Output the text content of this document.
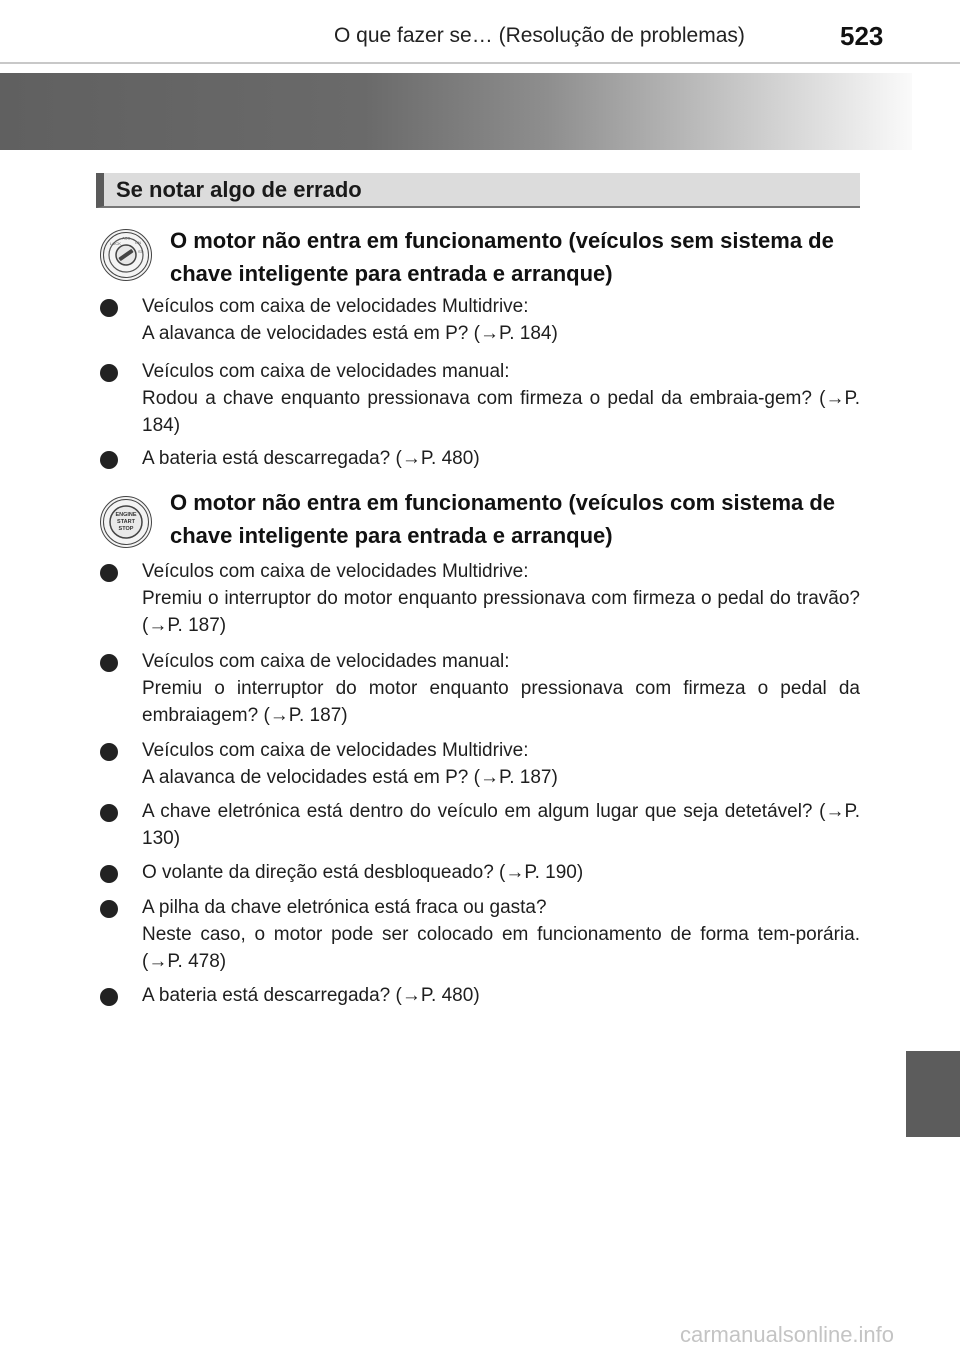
O que fazer se… (Resolução de problemas)	523
Se notar algo de errado
LOCK
ACC
ON
ST O motor não entra em funcionamento (veículos sem sistema de chave inteligente para entrada e arranque)
Veículos com caixa de velocidades Multidrive:
A alavanca de velocidades está em P? (→P. 184)
Veículos com caixa de velocidades manual:
Rodou a chave enquanto pressionava com firmeza o pedal da embraia-gem? (→P. 184)
A bateria está descarregada? (→P. 480)
ENGINE
START
STOP
O motor não entra em funcionamento (veículos com sistema de chave inteligente para entrada e arranque)
Veículos com caixa de velocidades Multidrive:
Premiu o interruptor do motor enquanto pressionava com firmeza o pedal do travão? (→P. 187)
Veículos com caixa de velocidades manual:
Premiu o interruptor do motor enquanto pressionava com firmeza o pedal da embraiagem? (→P. 187)
Veículos com caixa de velocidades Multidrive:
A alavanca de velocidades está em P? (→P. 187)
A chave eletrónica está dentro do veículo em algum lugar que seja detetável? (→P. 130)
O volante da direção está desbloqueado? (→P. 190)
A pilha da chave eletrónica está fraca ou gasta?
Neste caso, o motor pode ser colocado em funcionamento de forma tem-porária. (→P. 478)
A bateria está descarregada? (→P. 480)
carmanualsonline.info
